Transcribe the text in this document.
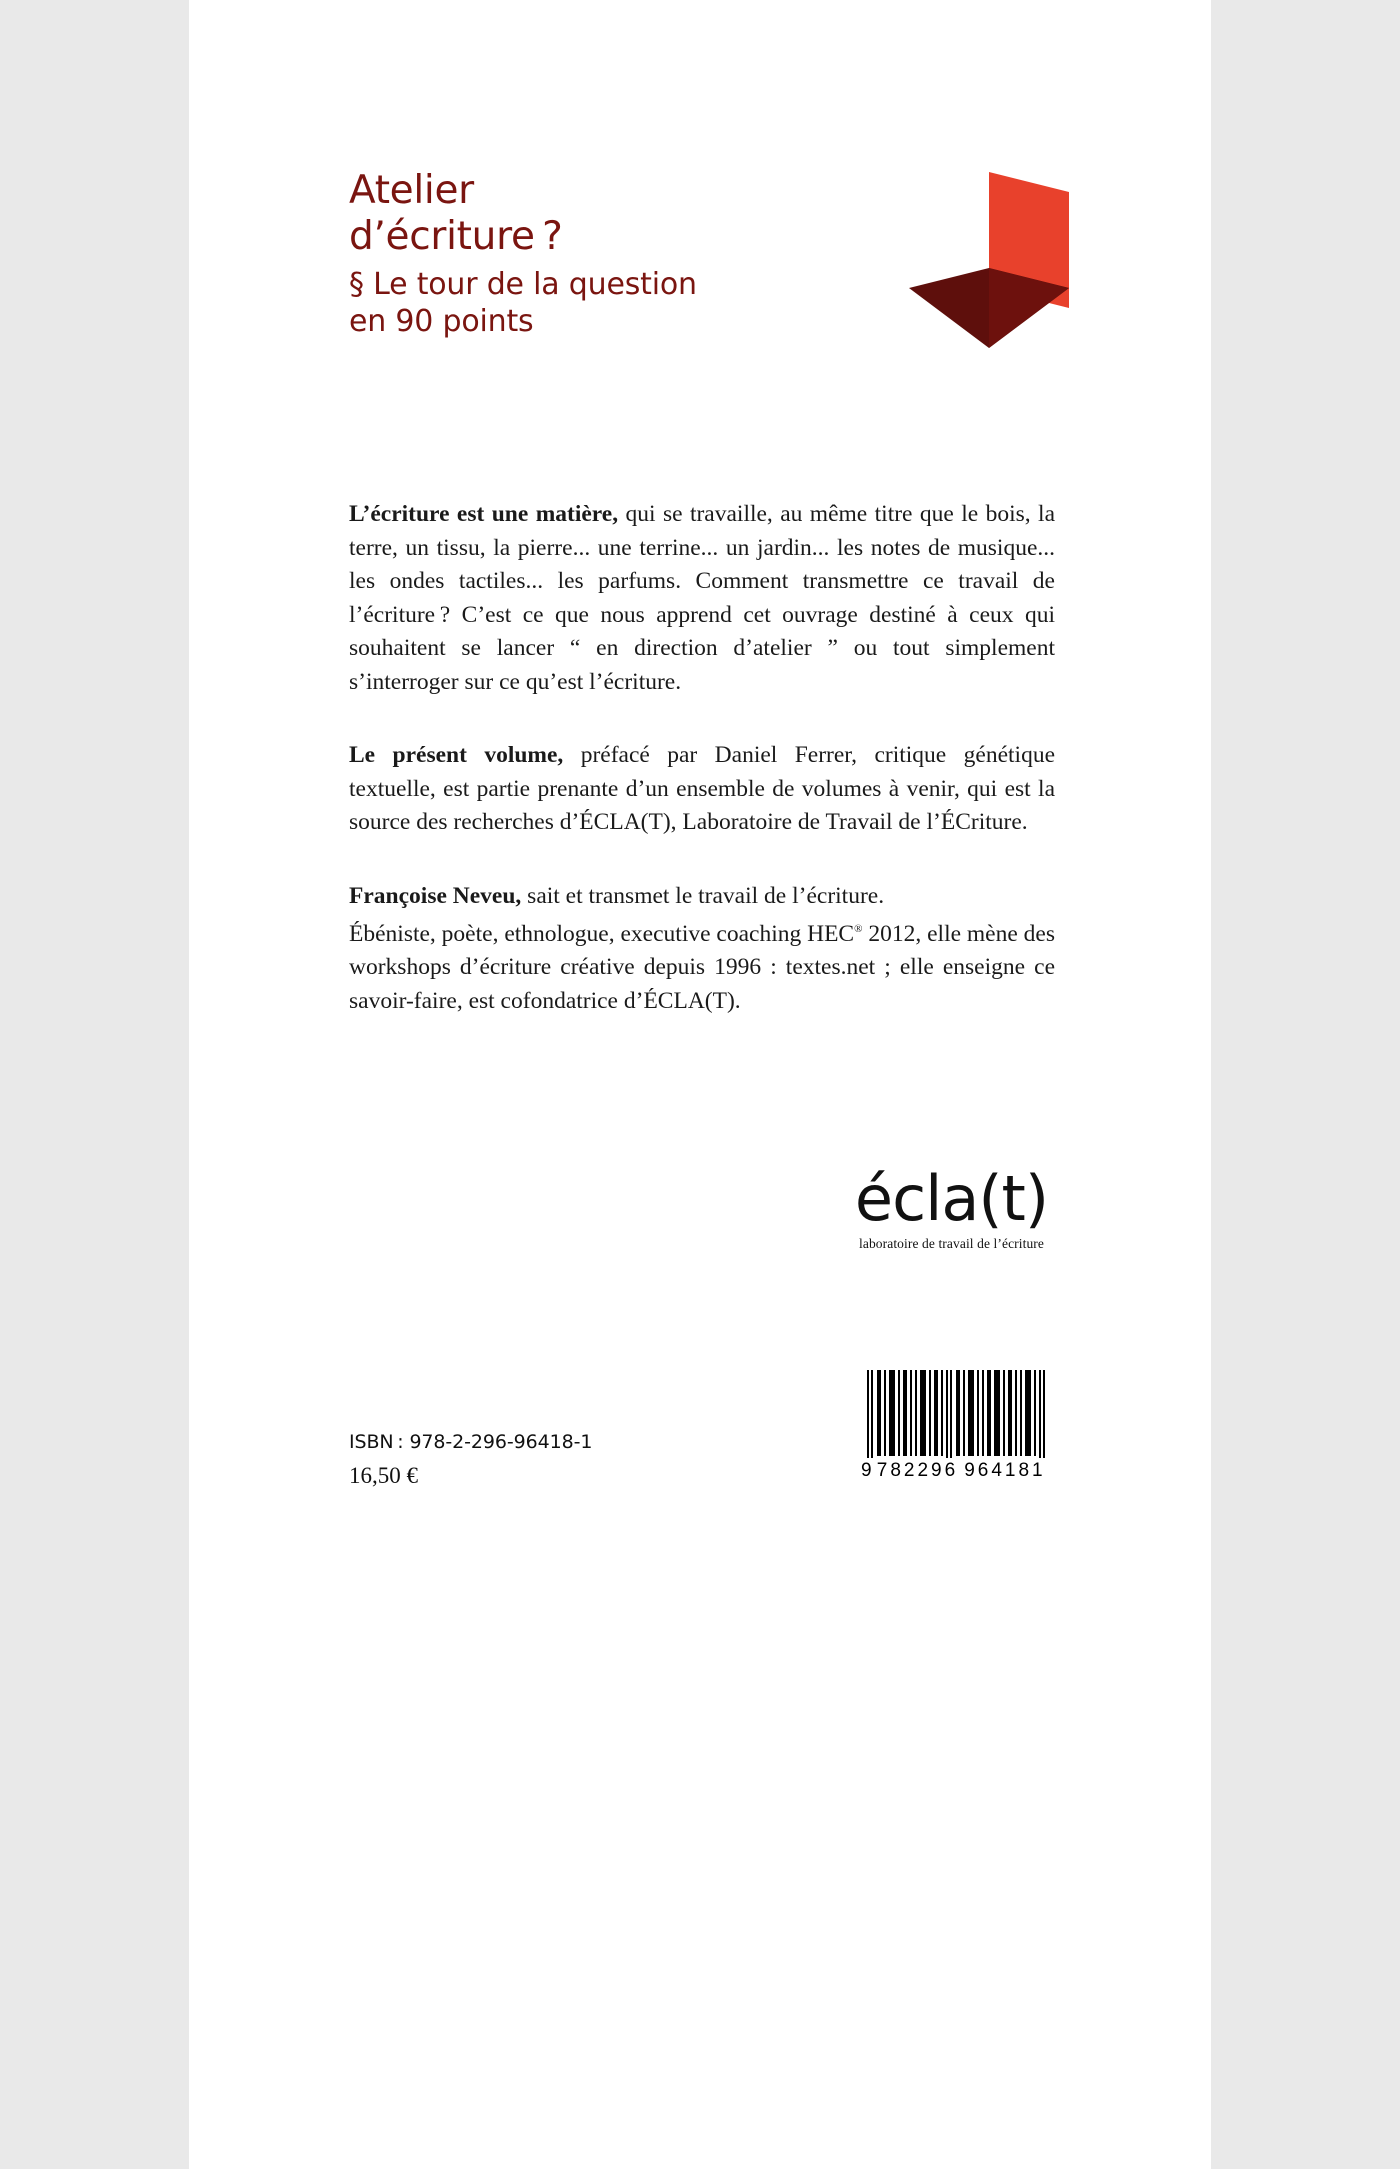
Atelier
d’écriture ?
§ Le tour de la question
en 90 points

L’écriture est une matière, qui se travaille, au même titre que le bois, la terre, un tissu, la pierre... une terrine... un jardin... les notes de musique... les ondes tactiles... les parfums. Comment transmettre ce travail de l’écriture ? C’est ce que nous apprend cet ouvrage destiné à ceux qui souhaitent se lancer “ en direction d’atelier ” ou tout simplement s’interroger sur ce qu’est l’écriture.

Le présent volume, préfacé par Daniel Ferrer, critique génétique textuelle, est partie prenante d’un ensemble de volumes à venir, qui est la source des recherches d’ÉCLA(T), Laboratoire de Travail de l’ÉCriture.

Françoise Neveu, sait et transmet le travail de l’écriture.
Ébéniste, poète, ethnologue, executive coaching HEC® 2012, elle mène des workshops d’écriture créative depuis 1996 : textes.net ; elle enseigne ce savoir-faire, est cofondatrice d’ÉCLA(T).

écla(t)
laboratoire de travail de l’écriture
ISBN : 978-2-296-96418-1
16,50 €	9 782296 964181
